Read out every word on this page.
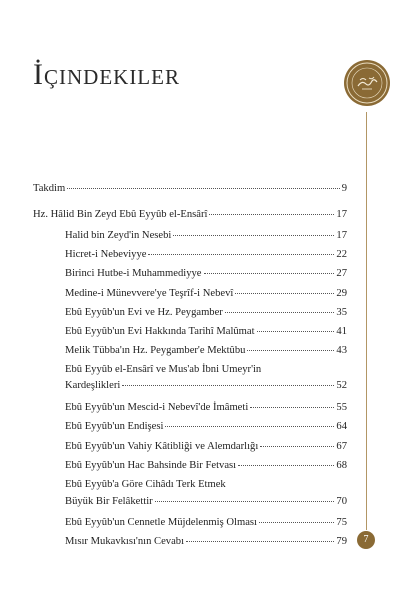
İçindekiler
Takdim	9
Hz. Hâlid Bin Zeyd Ebû Eyyûb el-Ensârî	17
Halid bin Zeyd'in Nesebi	17
Hicret-i Nebeviyye	22
Birinci Hutbe-i Muhammediyye	27
Medine-i Münevvere'ye Teşrîf-i Nebevî	29
Ebû Eyyûb'un Evi ve Hz. Peygamber	35
Ebû Eyyûb'un Evi Hakkında Tarihî Malûmat	41
Melik Tübba'ın Hz. Peygamber'e Mektûbu	43
Ebû Eyyûb el-Ensârî ve Mus'ab İbni Umeyr'in
Kardeşlikleri	52
Ebû Eyyûb'un Mescid-i Nebevî'de İmâmeti	55
Ebû Eyyûb'un Endişesi	64
Ebû Eyyûb'un Vahiy Kâtibliği ve Alemdarlığı	67
Ebû Eyyûb'un Hac Bahsinde Bir Fetvası	68
Ebû Eyyûb'a Göre Cihâdı Terk Etmek
Büyük Bir Felâkettir	70
Ebû Eyyûb'un Cennetle Müjdelenmiş Olması	75
Mısır Mukavkısı'nın Cevabı	79	7
